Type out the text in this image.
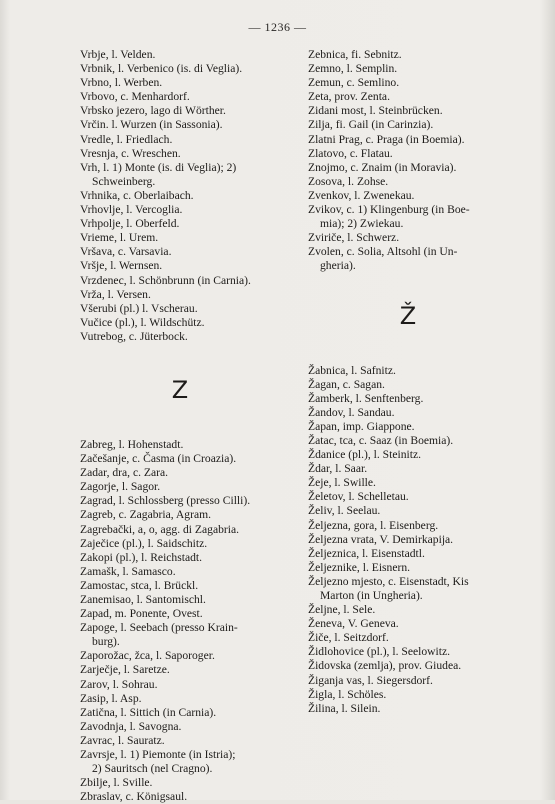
— 1236 —
Vrbje, l. Velden.
Vrbnik, l. Verbenico (is. di Veglia).
Vrbno, l. Werben.
Vrbovo, c. Menhardorf.
Vrbsko jezero, lago di Wörther.
Vrčin. l. Wurzen (in Sassonia).
Vredle, l. Friedlach.
Vresnja, c. Wreschen.
Vrh, l. 1) Monte (is. di Veglia); 2)
Schweinberg.
Vrhnika, c. Oberlaibach.
Vrhovlje, l. Vercoglia.
Vrhpolje, l. Oberfeld.
Vrieme, l. Urem.
Vršava, c. Varsavia.
Vršje, l. Wernsen.
Vrzdenec, l. Schönbrunn (in Carnia).
Vrža, l. Versen.
Všerubi (pl.) l. Vscherau.
Vučice (pl.), l. Wildschütz.
Vutrebog, c. Jüterbock.
Z
Zabreg, l. Hohenstadt.
Začešanje, c. Časma (in Croazia).
Zadar, dra, c. Zara.
Zagorje, l. Sagor.
Zagrad, l. Schlossberg (presso Cilli).
Zagreb, c. Zagabria, Agram.
Zagrebački, a, o, agg. di Zagabria.
Zaječice (pl.), l. Saidschitz.
Zakopi (pl.), l. Reichstadt.
Zamašk, l. Samasco.
Zamostac, stca, l. Brückl.
Zanemisao, l. Santomischl.
Zapad, m. Ponente, Ovest.
Zapoge, l. Seebach (presso Krain-
burg).
Zaporožac, žca, l. Saporoger.
Zarječje, l. Saretze.
Zarov, l. Sohrau.
Zasip, l. Asp.
Zatična, l. Sittich (in Carnia).
Zavodnja, l. Savogna.
Zavrac, l. Sauratz.
Zavrsje, l. 1) Piemonte (in Istria);
2) Sauritsch (nel Cragno).
Zbilje, l. Sville.
Zbraslav, c. Königsaul.
Zebnica, fi. Sebnitz.
Zemno, l. Semplin.
Zemun, c. Semlino.
Zeta, prov. Zenta.
Zidani most, l. Steinbrücken.
Zilja, fi. Gail (in Carinzia).
Zlatni Prag, c. Praga (in Boemia).
Zlatovo, c. Flatau.
Znojmo, c. Znaim (in Moravia).
Zosova, l. Zohse.
Zvenkov, l. Zwenekau.
Zvikov, c. 1) Klingenburg (in Boe-
mia); 2) Zwiekau.
Zviriče, l. Schwerz.
Zvolen, c. Solia, Altsohl (in Un-
gheria).
Ž
Žabnica, l. Safnitz.
Žagan, c. Sagan.
Žamberk, l. Senftenberg.
Žandov, l. Sandau.
Žapan, imp. Giappone.
Žatac, tca, c. Saaz (in Boemia).
Ždanice (pl.), l. Steinitz.
Ždar, l. Saar.
Žeje, l. Swille.
Želetov, l. Schelletau.
Želiv, l. Seelau.
Željezna, gora, l. Eisenberg.
Željezna vrata, V. Demirkapija.
Željeznica, l. Eisenstadtl.
Željeznike, l. Eisnern.
Željezno mjesto, c. Eisenstadt, Kis
Marton (in Ungheria).
Željne, l. Sele.
Ženeva, V. Geneva.
Žiče, l. Seitzdorf.
Židlohovice (pl.), l. Seelowitz.
Židovska (zemlja), prov. Giudea.
Žiganja vas, l. Siegersdorf.
Žigla, l. Schöles.
Žilina, l. Silein.
